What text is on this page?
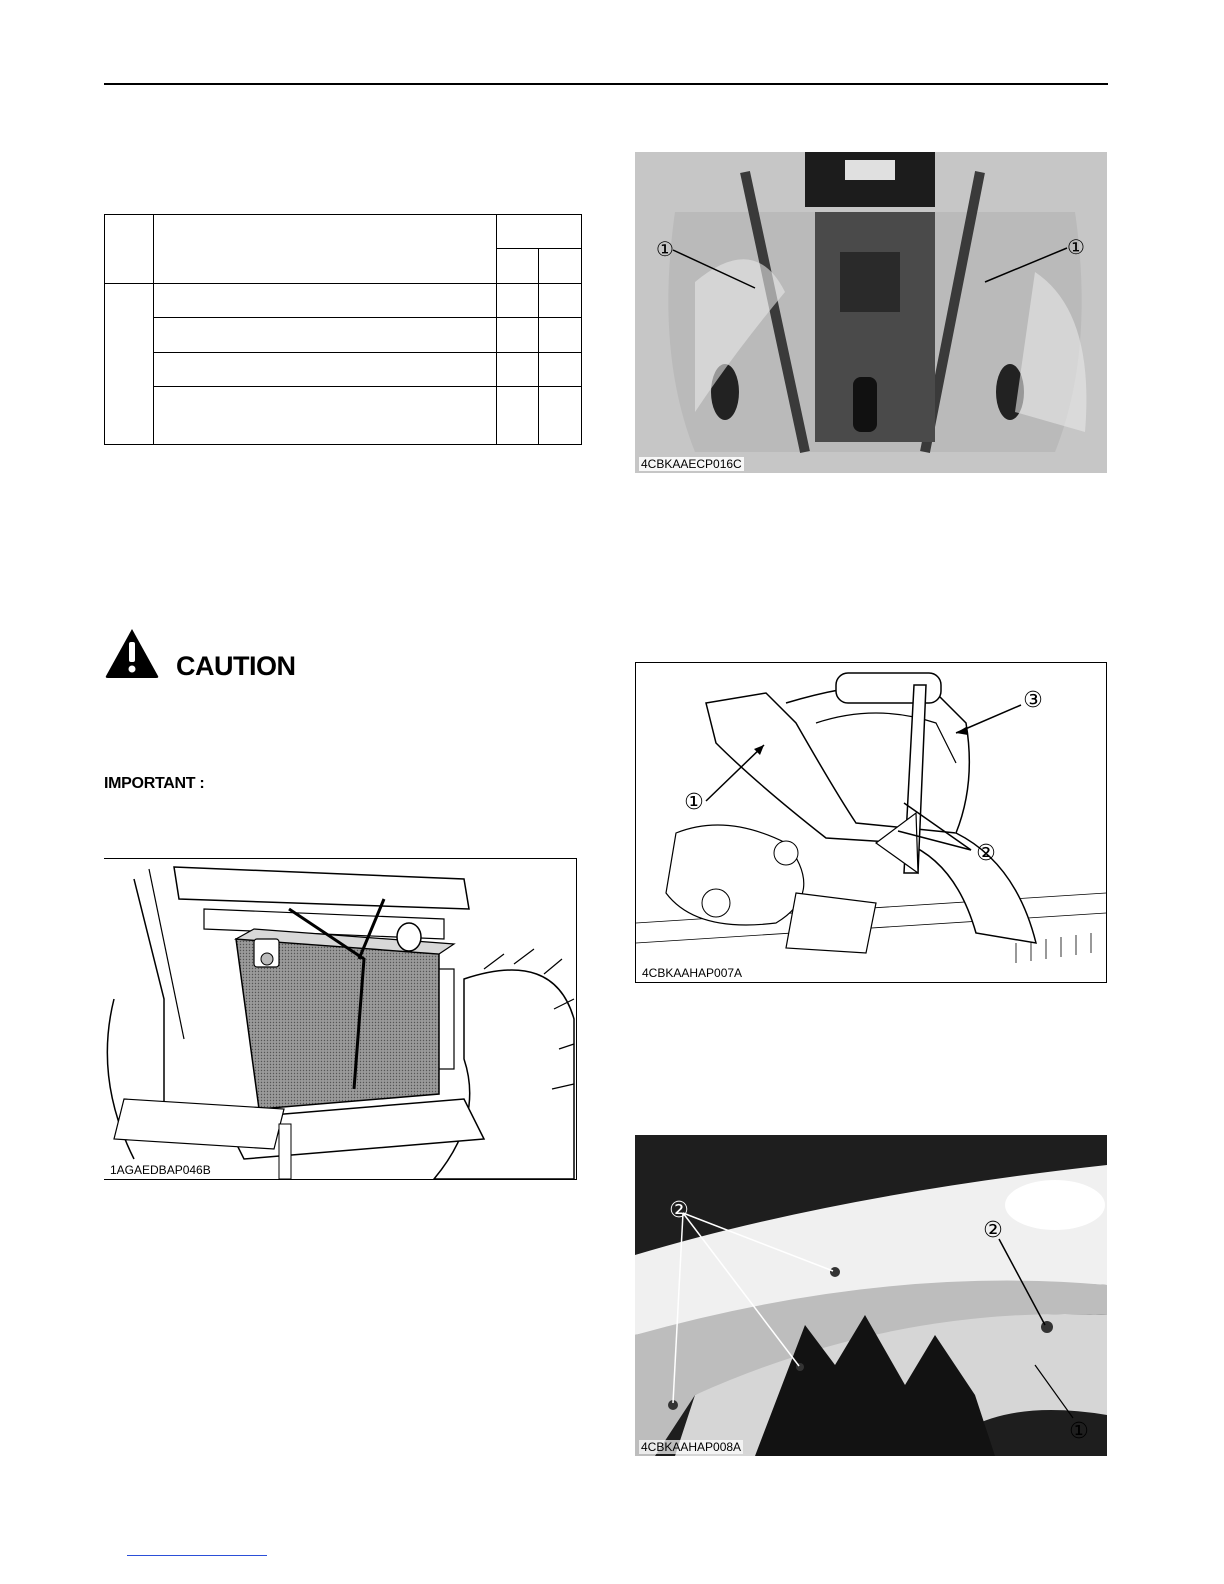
CAUTION
IMPORTANT :
1AGAEDBAP046B
①	①
4CBKAAECP016C
①
②
③
4CBKAAHAP007A
②
②
①
4CBKAAHAP008A
